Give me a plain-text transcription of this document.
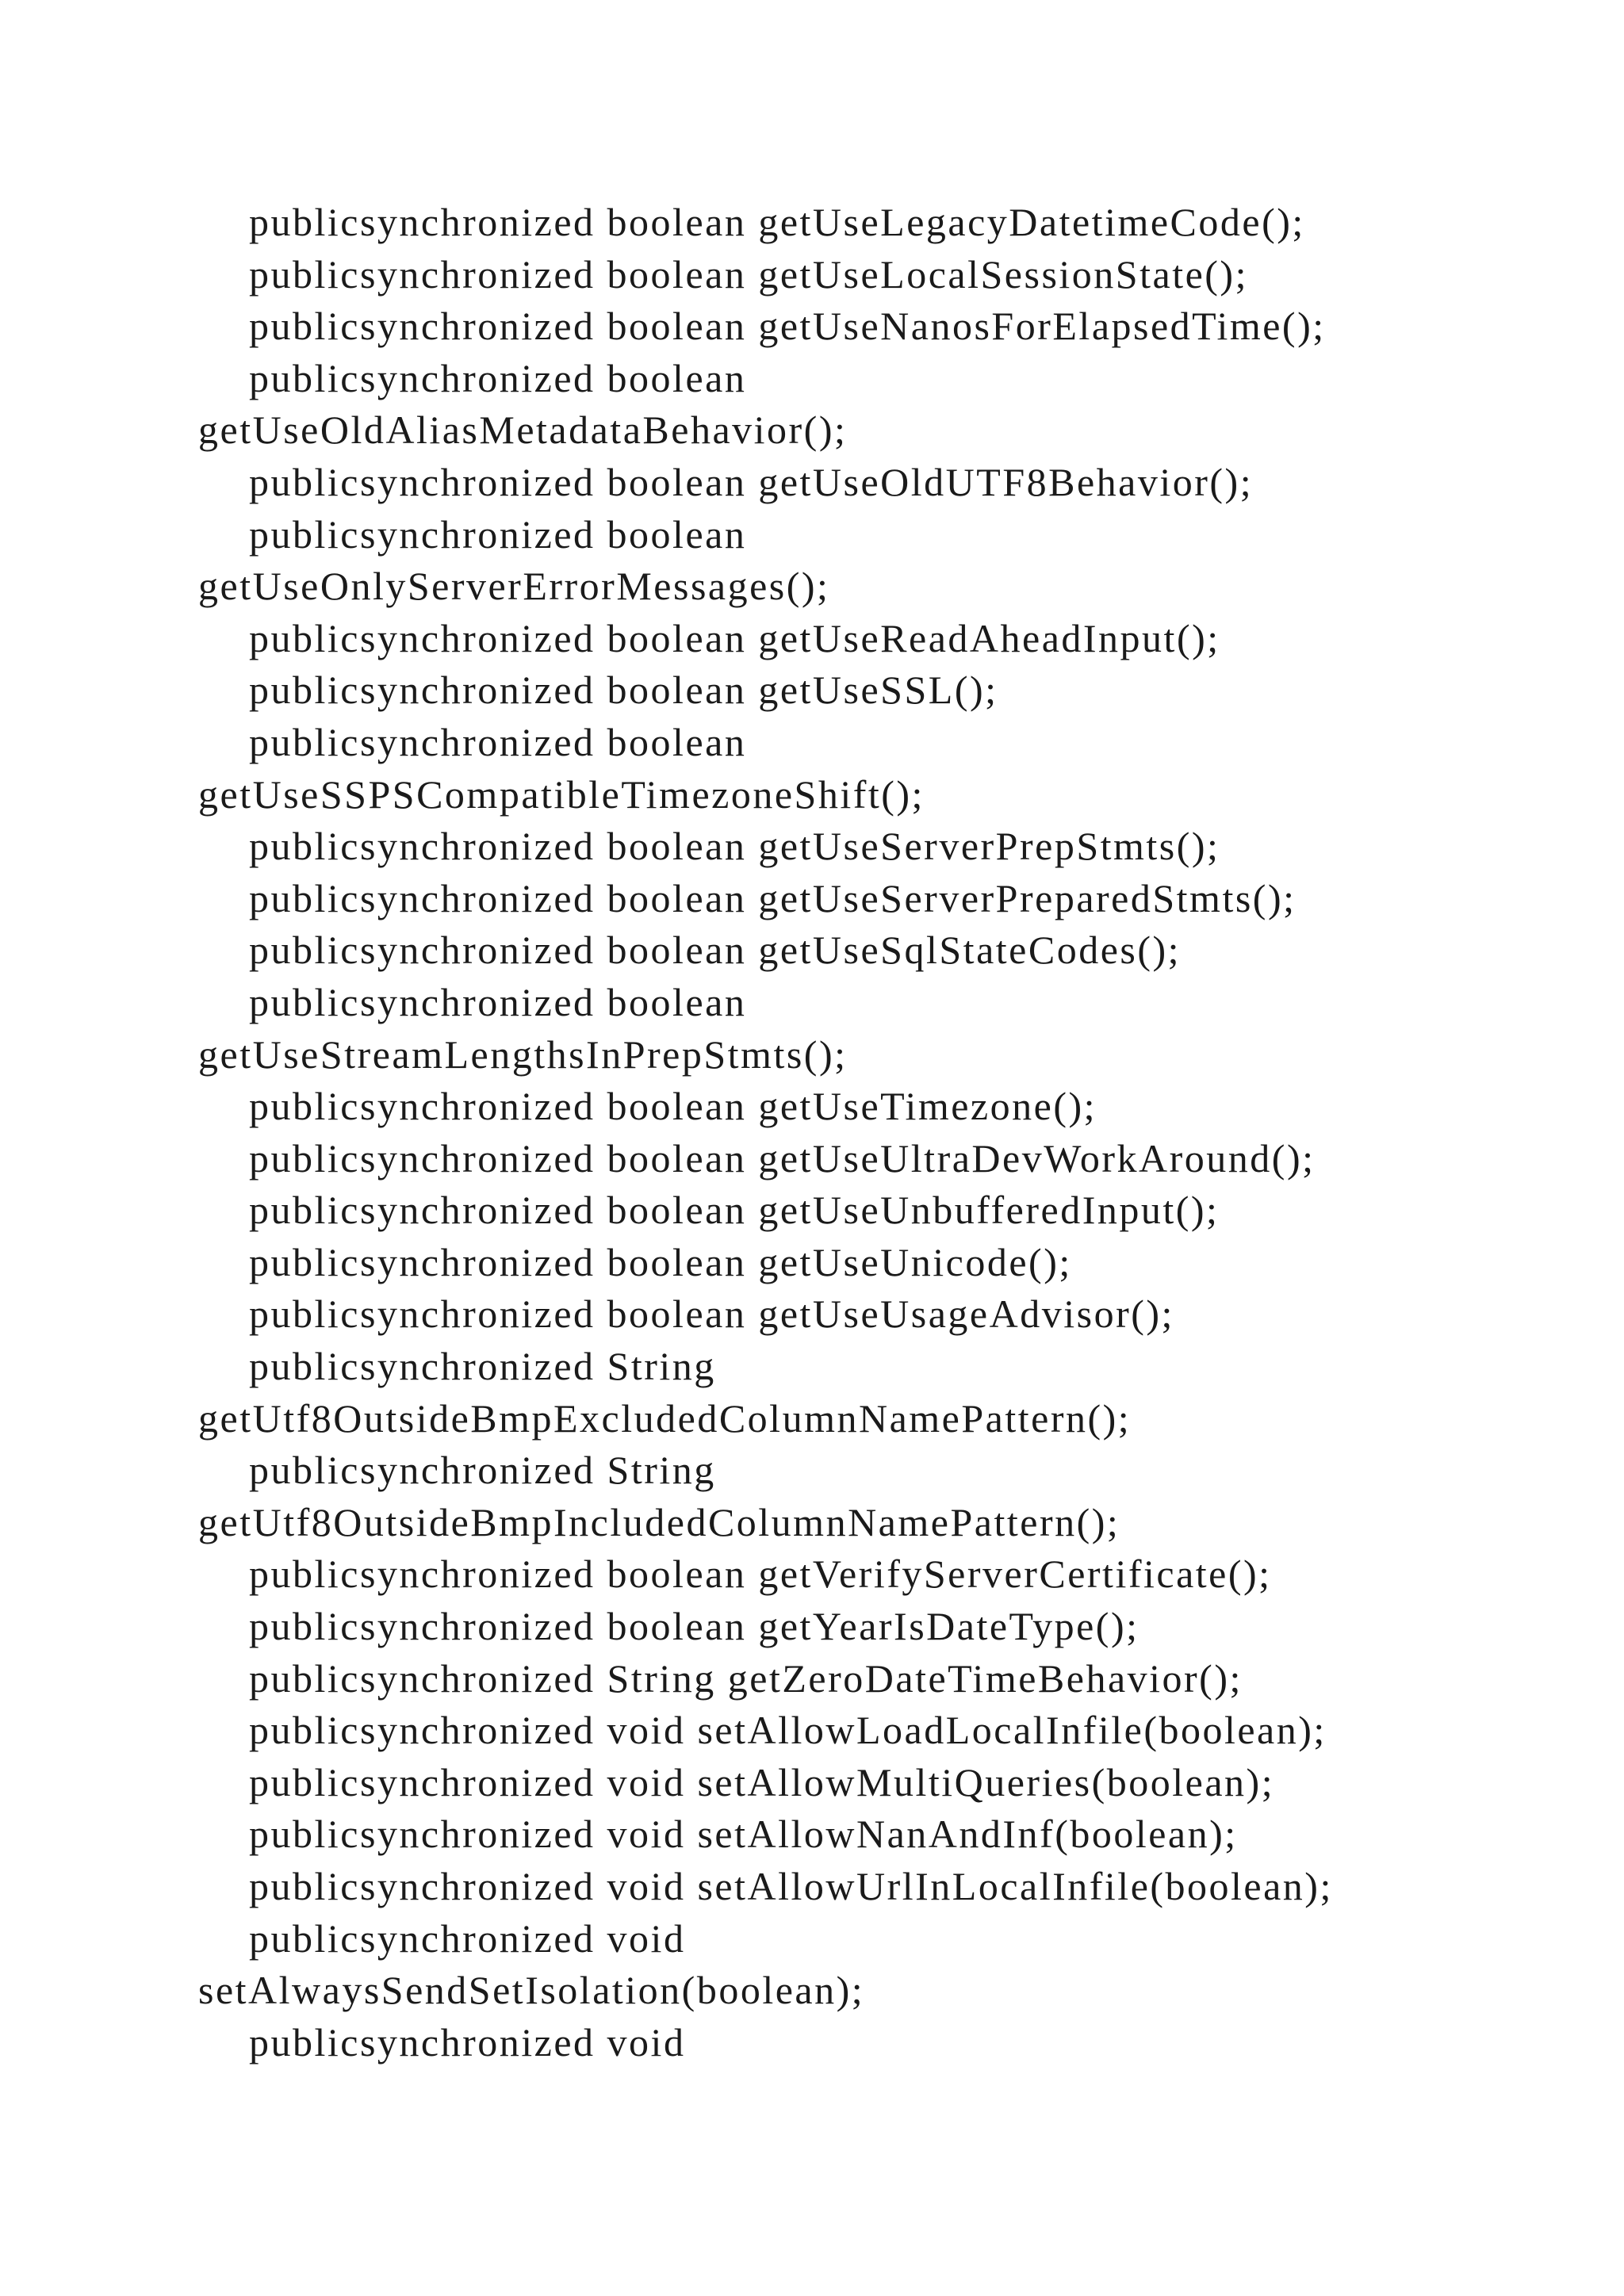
publicsynchronized boolean getUseLegacyDatetimeCode();
publicsynchronized boolean getUseLocalSessionState();
publicsynchronized boolean getUseNanosForElapsedTime();
publicsynchronized boolean
getUseOldAliasMetadataBehavior();
publicsynchronized boolean getUseOldUTF8Behavior();
publicsynchronized boolean
getUseOnlyServerErrorMessages();
publicsynchronized boolean getUseReadAheadInput();
publicsynchronized boolean getUseSSL();
publicsynchronized boolean
getUseSSPSCompatibleTimezoneShift();
publicsynchronized boolean getUseServerPrepStmts();
publicsynchronized boolean getUseServerPreparedStmts();
publicsynchronized boolean getUseSqlStateCodes();
publicsynchronized boolean
getUseStreamLengthsInPrepStmts();
publicsynchronized boolean getUseTimezone();
publicsynchronized boolean getUseUltraDevWorkAround();
publicsynchronized boolean getUseUnbufferedInput();
publicsynchronized boolean getUseUnicode();
publicsynchronized boolean getUseUsageAdvisor();
publicsynchronized String
getUtf8OutsideBmpExcludedColumnNamePattern();
publicsynchronized String
getUtf8OutsideBmpIncludedColumnNamePattern();
publicsynchronized boolean getVerifyServerCertificate();
publicsynchronized boolean getYearIsDateType();
publicsynchronized String getZeroDateTimeBehavior();
publicsynchronized void setAllowLoadLocalInfile(boolean);
publicsynchronized void setAllowMultiQueries(boolean);
publicsynchronized void setAllowNanAndInf(boolean);
publicsynchronized void setAllowUrlInLocalInfile(boolean);
publicsynchronized void
setAlwaysSendSetIsolation(boolean);
publicsynchronized void
